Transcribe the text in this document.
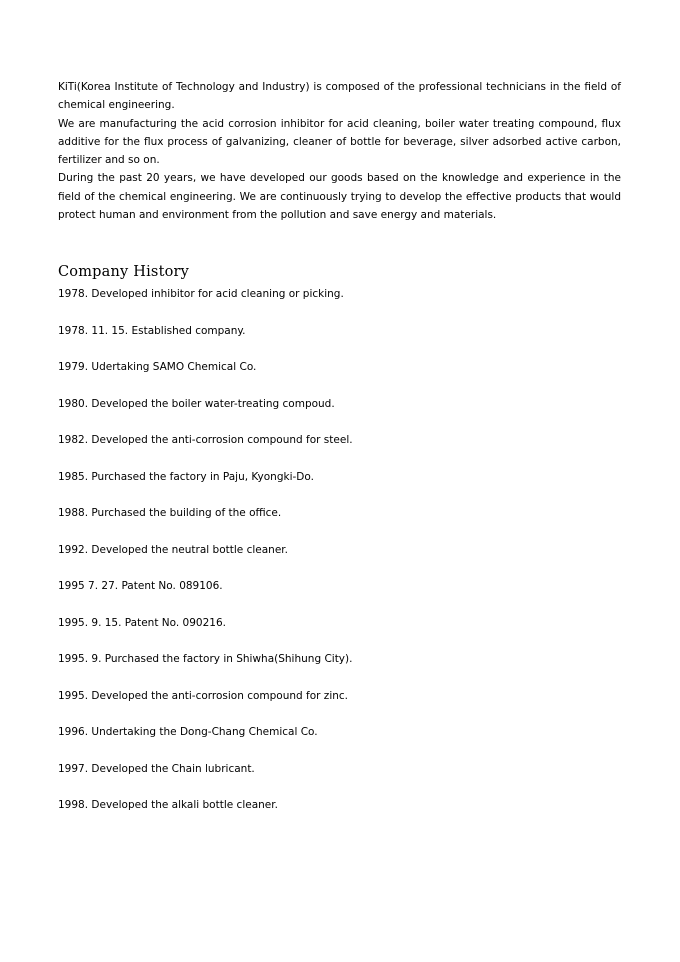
KiTi(Korea Institute of Technology and Industry) is composed of the professional technicians in the field of chemical engineering.

We are manufacturing the acid corrosion inhibitor for acid cleaning, boiler water treating compound, flux additive for the flux process of galvanizing, cleaner of bottle for beverage, silver adsorbed active carbon, fertilizer and so on.

During the past 20 years, we have developed our goods based on the knowledge and experience in the field of the chemical engineering. We are continuously trying to develop the effective products that would protect human and environment from the pollution and save energy and materials.

Company History
1978. Developed inhibitor for acid cleaning or picking.
1978. 11. 15. Established company.
1979. Udertaking SAMO Chemical Co.
1980. Developed the boiler water-treating compoud.
1982. Developed the anti-corrosion compound for steel.
1985. Purchased the factory in Paju, Kyongki-Do.
1988. Purchased the building of the office.
1992. Developed the neutral bottle cleaner.
1995 7. 27. Patent No. 089106.
1995. 9. 15. Patent No. 090216.
1995. 9. Purchased the factory in Shiwha(Shihung City).
1995. Developed the anti-corrosion compound for zinc.
1996. Undertaking the Dong-Chang Chemical Co.
1997. Developed the Chain lubricant.
1998. Developed the alkali bottle cleaner.
